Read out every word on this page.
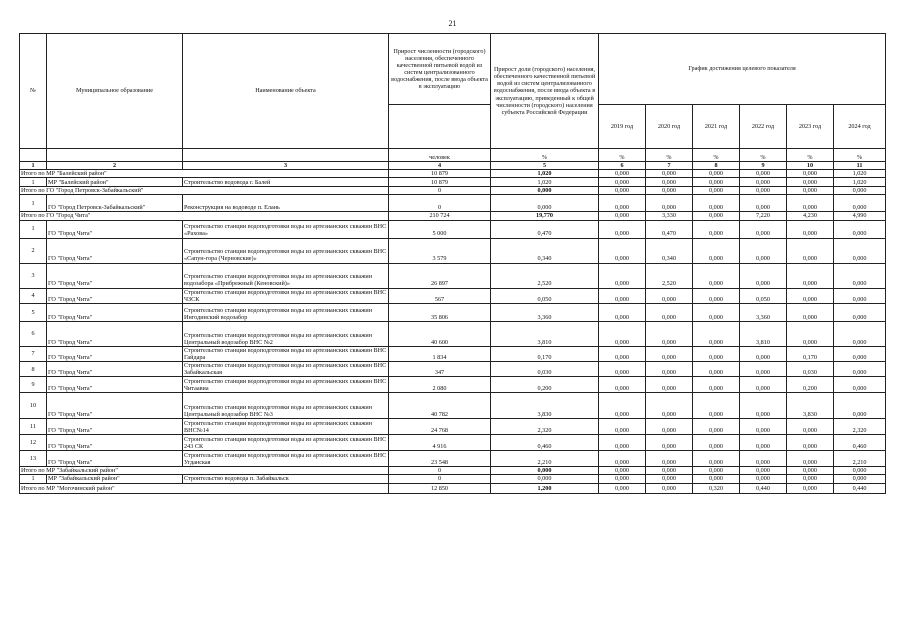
21
№	Муниципальное образование	Наименование объекта	Прирост численности (городского) населения, обеспеченного качественной питьевой водой из систем централизованного водоснабжения, после ввода объекта в эксплуатацию	Прирост доли (городского) населения, обеспеченного качественной питьевой водой из систем централизованного водоснабжения, после ввода объекта в эксплуатацию, приведенный к общей численности (городского) населения субъекта Российской Федерации	График достижения целевого показателя					
					2019 год	2020 год	2021 год	2022 год	2023 год	2024 год
			человек	%	%	%	%	%	%	%
1	2	3	4	5	6	7	8	9	10	11
Итого по МР "Балейский район"			10 879	1,020	0,000	0,000	0,000	0,000	0,000	1,020
1	МР "Балейский район"	Строительство водовода г. Балей	10 879	1,020	0,000	0,000	0,000	0,000	0,000	1,020
Итого по ГО "Город Петровск-Забайкальский"			0	0,000	0,000	0,000	0,000	0,000	0,000	0,000
1	ГО "Город Петровск-Забайкальский"	Реконструкция на водоводе п. Елань	0	0,000	0,000	0,000	0,000	0,000	0,000	0,000
Итого по ГО "Город Чита"			210 724	19,770	0,000	3,330	0,000	7,220	4,230	4,990
1	ГО "Город Чита"	Строительство станции водоподготовки воды из артезианских скважин ВНС «Рахова»	5 000	0,470	0,000	0,470	0,000	0,000	0,000	0,000
2	ГО "Город Чита"	Строительство станции водоподготовки воды из артезианских скважин ВНС «Сапун-гора (Черновские)»	3 579	0,340	0,000	0,340	0,000	0,000	0,000	0,000
3	ГО "Город Чита"	Строительство станции водоподготовки воды из артезианских скважин водозабора «Прибрежный (Кеновский)»	26 897	2,520	0,000	2,520	0,000	0,000	0,000	0,000
4	ГО "Город Чита"	Строительство станции водоподготовки воды из артезианских скважин ВНС ЧЗСК	567	0,050	0,000	0,000	0,000	0,050	0,000	0,000
5	ГО "Город Чита"	Строительство станции водоподготовки воды из артезианских скважин Ингодинский водозабор	35 806	3,360	0,000	0,000	0,000	3,360	0,000	0,000
6	ГО "Город Чита"	Строительство станции водоподготовки воды из артезианских скважин Центральный водозабор ВНС №2	40 600	3,810	0,000	0,000	0,000	3,810	0,000	0,000
7	ГО "Город Чита"	Строительство станции водоподготовки воды из артезианских скважин ВНС Гайдара	1 834	0,170	0,000	0,000	0,000	0,000	0,170	0,000
8	ГО "Город Чита"	Строительство станции водоподготовки воды из артезианских скважин ВНС Забайкальская	347	0,030	0,000	0,000	0,000	0,000	0,030	0,000
9	ГО "Город Чита"	Строительство станции водоподготовки воды из артезианских скважин ВНС Читаавиа	2 080	0,200	0,000	0,000	0,000	0,000	0,200	0,000
10	ГО "Город Чита"	Строительство станции водоподготовки воды из артезианских скважин Центральный водозабор ВНС №3	40 782	3,830	0,000	0,000	0,000	0,000	3,830	0,000
11	ГО "Город Чита"	Строительство станции водоподготовки воды из артезианских скважин ВНС№14	24 768	2,320	0,000	0,000	0,000	0,000	0,000	2,320
12	ГО "Город Чита"	Строительство станции водоподготовки воды из артезианских скважин ВНС 243 СК	4 916	0,460	0,000	0,000	0,000	0,000	0,000	0,460
13	ГО "Город Чита"	Строительство станции водоподготовки воды из артезианских скважин ВНС Угданская	23 548	2,210	0,000	0,000	0,000	0,000	0,000	2,210
Итого по МР "Забайкальский район"			0	0,000	0,000	0,000	0,000	0,000	0,000	0,000
1	МР "Забайкальский район"	Строительство водовода п. Забайкальск	0	0,000	0,000	0,000	0,000	0,000	0,000	0,000
Итого по МР "Могочинский район"			12 850	1,200	0,000	0,000	0,320	0,440	0,000	0,440
